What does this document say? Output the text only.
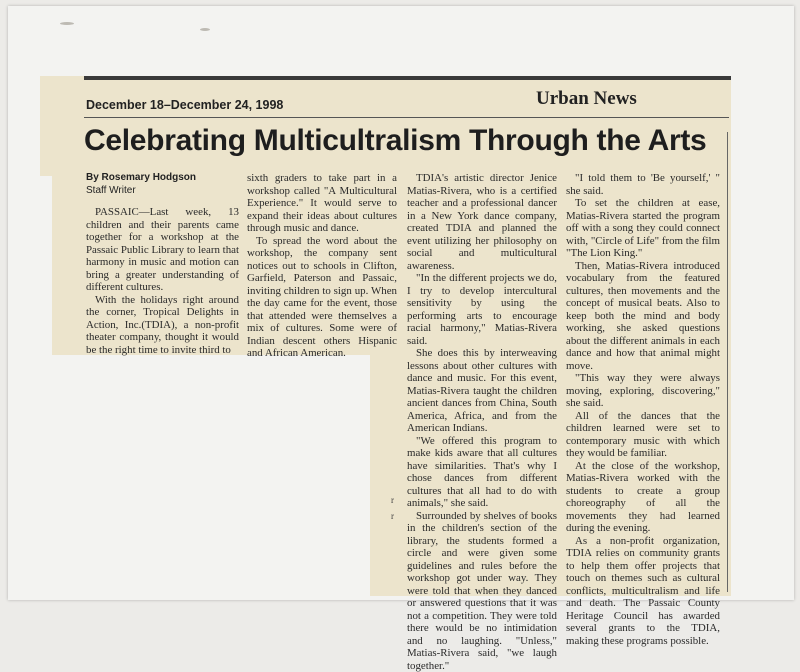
December 18–December 24, 1998	Urban News
Celebrating Multicultralism Through the Arts
By Rosemary Hodgson
Staff Writer

PASSAIC—Last week, 13 children and their parents came together for a workshop at the Passaic Public Library to learn that harmony in music and motion can bring a greater understanding of different cultures.

With the holidays right around the corner, Tropical Delights in Action, Inc.(TDIA), a non-profit theater company, thought it would be the right time to invite third to

sixth graders to take part in a workshop called "A Multicultural Experience." It would serve to expand their ideas about cultures through music and dance.

To spread the word about the workshop, the company sent notices out to schools in Clifton, Garfield, Paterson and Passaic, inviting children to sign up. When the day came for the event, those that attended were themselves a mix of cultures. Some were of Indian descent others Hispanic and African American.

TDIA's artistic director Jenice Matias-Rivera, who is a certified teacher and a professional dancer in a New York dance company, created TDIA and planned the event utilizing her philosophy on social and multicultural awareness.

"In the different projects we do, I try to develop intercultural sensitivity by using the performing arts to encourage racial harmony," Matias-Rivera said.

She does this by interweaving lessons about other cultures with dance and music. For this event, Matias-Rivera taught the children ancient dances from China, South America, Africa, and from the American Indians.

"We offered this program to make kids aware that all cultures have similarities. That's why I chose dances from different cultures that all had to do with animals," she said.

Surrounded by shelves of books in the children's section of the library, the students formed a circle and were given some guidelines and rules before the workshop got under way. They were told that when they danced or answered questions that it was not a competition. They were told there would be no intimidation and no laughing. "Unless," Matias-Rivera said, "we laugh together."

"I told them to 'Be yourself,' " she said.

To set the children at ease, Matias-Rivera started the program off with a song they could connect with, "Circle of Life" from the film "The Lion King."

Then, Matias-Rivera introduced vocabulary from the featured cultures, then movements and the concept of musical beats. Also to keep both the mind and body working, she asked questions about the different animals in each dance and how that animal might move.

"This way they were always moving, exploring, discovering," she said.

All of the dances that the children learned were set to contemporary music with which they would be familiar.

At the close of the workshop, Matias-Rivera worked with the students to create a group choreography of all the movements they had learned during the evening.

As a non-profit organization, TDIA relies on community grants to help them offer projects that touch on themes such as cultural conflicts, multicultralism and life and death. The Passaic County Heritage Council has awarded several grants to the TDIA, making these programs possible.

r
r
